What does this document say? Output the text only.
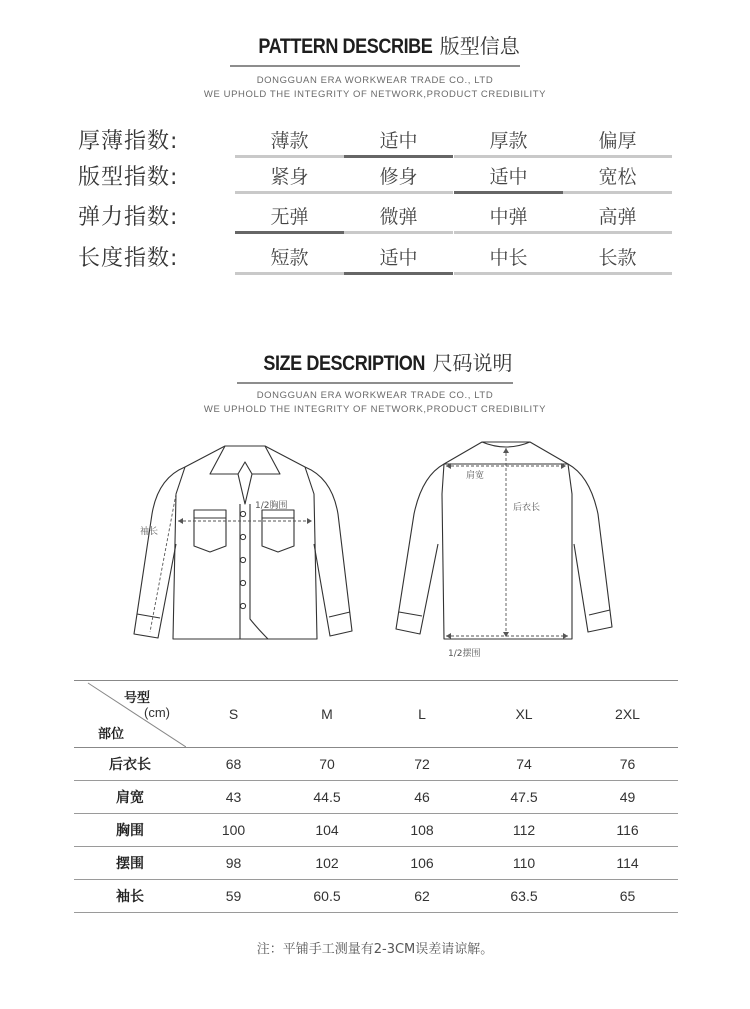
PATTERN DESCRIBE 版型信息
DONGGUAN ERA WORKWEAR TRADE CO., LTD
WE UPHOLD THE INTEGRITY OF NETWORK,PRODUCT CREDIBILITY
厚薄指数:	薄款	适中	厚款	偏厚
版型指数:	紧身	修身	适中	宽松
弹力指数:	无弹	微弹	中弹	高弹
长度指数:	短款	适中	中长	长款
SIZE DESCRIPTION 尺码说明
DONGGUAN ERA WORKWEAR TRADE CO., LTD
WE UPHOLD THE INTEGRITY OF NETWORK,PRODUCT CREDIBILITY
1/2胸围
袖长
肩宽
后衣长
1/2摆围
号型
(cm)
部位	S	M	L	XL	2XL
后衣长	68	70	72	74	76
肩宽	43	44.5	46	47.5	49
胸围	100	104	108	112	116
摆围	98	102	106	110	114
袖长	59	60.5	62	63.5	65
注：平铺手工测量有2-3CM误差请谅解。
